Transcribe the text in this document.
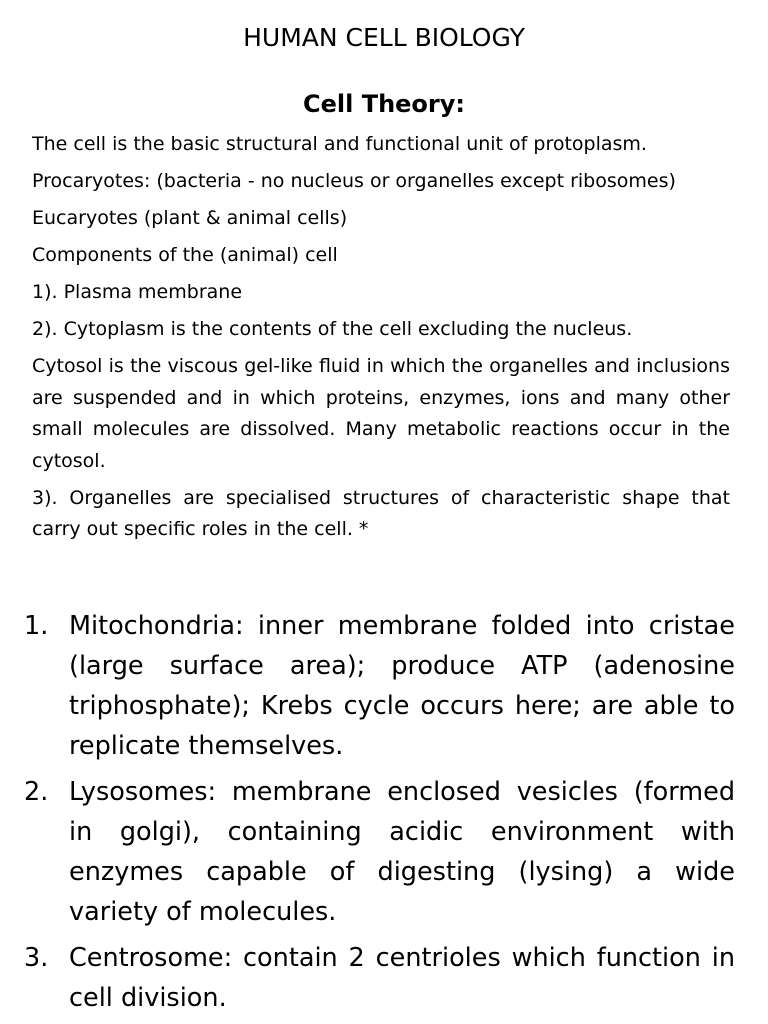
HUMAN CELL BIOLOGY
Cell Theory:

The cell is the basic structural and functional unit of protoplasm.

Procaryotes: (bacteria - no nucleus or organelles except ribosomes)

Eucaryotes (plant & animal cells)

Components of the (animal) cell

1). Plasma membrane

2). Cytoplasm is the contents of the cell excluding the nucleus.

Cytosol is the viscous gel-like fluid in which the organelles and inclusions are suspended and in which proteins, enzymes, ions and many other small molecules are dissolved. Many metabolic reactions occur in the cytosol.

3). Organelles are specialised structures of characteristic shape that carry out specific roles in the cell. *

1. Mitochondria: inner membrane folded into cristae (large surface area); produce ATP (adenosine triphosphate); Krebs cycle occurs here; are able to replicate themselves.
2. Lysosomes: membrane enclosed vesicles (formed in golgi), containing acidic environment with enzymes capable of digesting (lysing) a wide variety of molecules.
3. Centrosome: contain 2 centrioles which function in cell division.
